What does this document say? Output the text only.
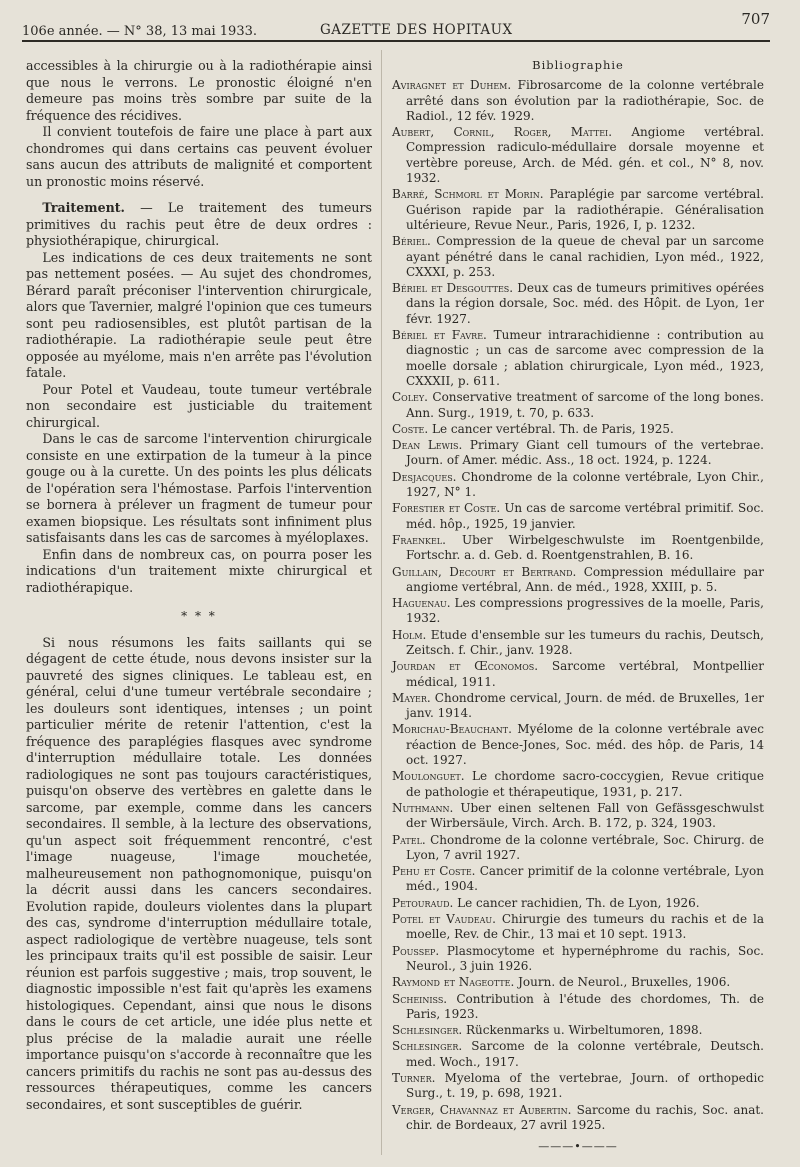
106e année. — N° 38, 13 mai 1933.	GAZETTE DES HOPITAUX
707

accessibles à la chirurgie ou à la radiothérapie ainsi que nous le verrons. Le pronostic éloigné n'en demeure pas moins très sombre par suite de la fréquence des récidives.

Il convient toutefois de faire une place à part aux chondromes qui dans certains cas peuvent évoluer sans aucun des attributs de malignité et comportent un pronostic moins réservé.

Traitement. — Le traitement des tumeurs primitives du rachis peut être de deux ordres : physiothérapique, chirurgical.

Les indications de ces deux traitements ne sont pas nettement posées. — Au sujet des chondromes, Bérard paraît préconiser l'intervention chirurgicale, alors que Tavernier, malgré l'opinion que ces tumeurs sont peu radiosensibles, est plutôt partisan de la radiothérapie. La radiothérapie seule peut être opposée au myélome, mais n'en arrête pas l'évolution fatale.

Pour Potel et Vaudeau, toute tumeur vertébrale non secondaire est justiciable du traitement chirurgical.

Dans le cas de sarcome l'intervention chirurgicale consiste en une extirpation de la tumeur à la pince gouge ou à la curette. Un des points les plus délicats de l'opération sera l'hémostase. Parfois l'intervention se bornera à prélever un fragment de tumeur pour examen biopsique. Les résultats sont infiniment plus satisfaisants dans les cas de sarcomes à myéloplaxes.

Enfin dans de nombreux cas, on pourra poser les indications d'un traitement mixte chirurgical et radiothérapique.

* * *

Si nous résumons les faits saillants qui se dégagent de cette étude, nous devons insister sur la pauvreté des signes cliniques. Le tableau est, en général, celui d'une tumeur vertébrale secondaire ; les douleurs sont identiques, intenses ; un point particulier mérite de retenir l'attention, c'est la fréquence des paraplégies flasques avec syndrome d'interruption médullaire totale. Les données radiologiques ne sont pas toujours caractéristiques, puisqu'on observe des vertèbres en galette dans le sarcome, par exemple, comme dans les cancers secondaires. Il semble, à la lecture des observations, qu'un aspect soit fréquemment rencontré, c'est l'image nuageuse, l'image mouchetée, malheureusement non pathognomonique, puisqu'on la décrit aussi dans les cancers secondaires. Evolution rapide, douleurs violentes dans la plupart des cas, syndrome d'interruption médullaire totale, aspect radiologique de vertèbre nuageuse, tels sont les principaux traits qu'il est possible de saisir. Leur réunion est parfois suggestive ; mais, trop souvent, le diagnostic impossible n'est fait qu'après les examens histologiques. Cependant, ainsi que nous le disons dans le cours de cet article, une idée plus nette et plus précise de la maladie aurait une réelle importance puisqu'on s'accorde à reconnaître que les cancers primitifs du rachis ne sont pas au-dessus des ressources thérapeutiques, comme les cancers secondaires, et sont susceptibles de guérir.

Bibliographie

Aviragnet et Duhem. Fibrosarcome de la colonne vertébrale arrêté dans son évolution par la radiothérapie, Soc. de Radiol., 12 fév. 1929.

Aubert, Cornil, Roger, Mattei. Angiome vertébral. Compression radiculo-médullaire dorsale moyenne et vertèbre poreuse, Arch. de Méd. gén. et col., N° 8, nov. 1932.

Barré, Schmorl et Morin. Paraplégie par sarcome vertébral. Guérison rapide par la radiothérapie. Généralisation ultérieure, Revue Neur., Paris, 1926, I, p. 1232.

Bériel. Compression de la queue de cheval par un sarcome ayant pénétré dans le canal rachidien, Lyon méd., 1922, CXXXI, p. 253.

Bériel et Desgouttes. Deux cas de tumeurs primitives opérées dans la région dorsale, Soc. méd. des Hôpit. de Lyon, 1er févr. 1927.

Bériel et Favre. Tumeur intrarachidienne : contribution au diagnostic ; un cas de sarcome avec compression de la moelle dorsale ; ablation chirurgicale, Lyon méd., 1923, CXXXII, p. 611.

Coley. Conservative treatment of sarcome of the long bones. Ann. Surg., 1919, t. 70, p. 633.

Coste. Le cancer vertébral. Th. de Paris, 1925.

Dean Lewis. Primary Giant cell tumours of the vertebrae. Journ. of Amer. médic. Ass., 18 oct. 1924, p. 1224.

Desjacques. Chondrome de la colonne vertébrale, Lyon Chir., 1927, N° 1.

Forestier et Coste. Un cas de sarcome vertébral primitif. Soc. méd. hôp., 1925, 19 janvier.

Fraenkel. Uber Wirbelgeschwulste im Roentgenbilde, Fortschr. a. d. Geb. d. Roentgenstrahlen, B. 16.

Guillain, Decourt et Bertrand. Compression médullaire par angiome vertébral, Ann. de méd., 1928, XXIII, p. 5.

Haguenau. Les compressions progressives de la moelle, Paris, 1932.

Holm. Etude d'ensemble sur les tumeurs du rachis, Deutsch, Zeitsch. f. Chir., janv. 1928.

Jourdan et Œconomos. Sarcome vertébral, Montpellier médical, 1911.

Mayer. Chondrome cervical, Journ. de méd. de Bruxelles, 1er janv. 1914.

Morichau-Beauchant. Myélome de la colonne vertébrale avec réaction de Bence-Jones, Soc. méd. des hôp. de Paris, 14 oct. 1927.

Moulonguet. Le chordome sacro-coccygien, Revue critique de pathologie et thérapeutique, 1931, p. 217.

Nuthmann. Uber einen seltenen Fall von Gefässgeschwulst der Wirbersäule, Virch. Arch. B. 172, p. 324, 1903.

Patel. Chondrome de la colonne vertébrale, Soc. Chirurg. de Lyon, 7 avril 1927.

Pehu et Coste. Cancer primitif de la colonne vertébrale, Lyon méd., 1904.

Petouraud. Le cancer rachidien, Th. de Lyon, 1926.

Potel et Vaudeau. Chirurgie des tumeurs du rachis et de la moelle, Rev. de Chir., 13 mai et 10 sept. 1913.

Poussep. Plasmocytome et hypernéphrome du rachis, Soc. Neurol., 3 juin 1926.

Raymond et Nageotte. Journ. de Neurol., Bruxelles, 1906.

Scheiniss. Contribution à l'étude des chordomes, Th. de Paris, 1923.

Schlesinger. Rückenmarks u. Wirbeltumoren, 1898.

Schlesinger. Sarcome de la colonne vertébrale, Deutsch. med. Woch., 1917.

Turner. Myeloma of the vertebrae, Journ. of orthopedic Surg., t. 19, p. 698, 1921.

Verger, Chavannaz et Aubertin. Sarcome du rachis, Soc. anat. chir. de Bordeaux, 27 avril 1925.

———•———
